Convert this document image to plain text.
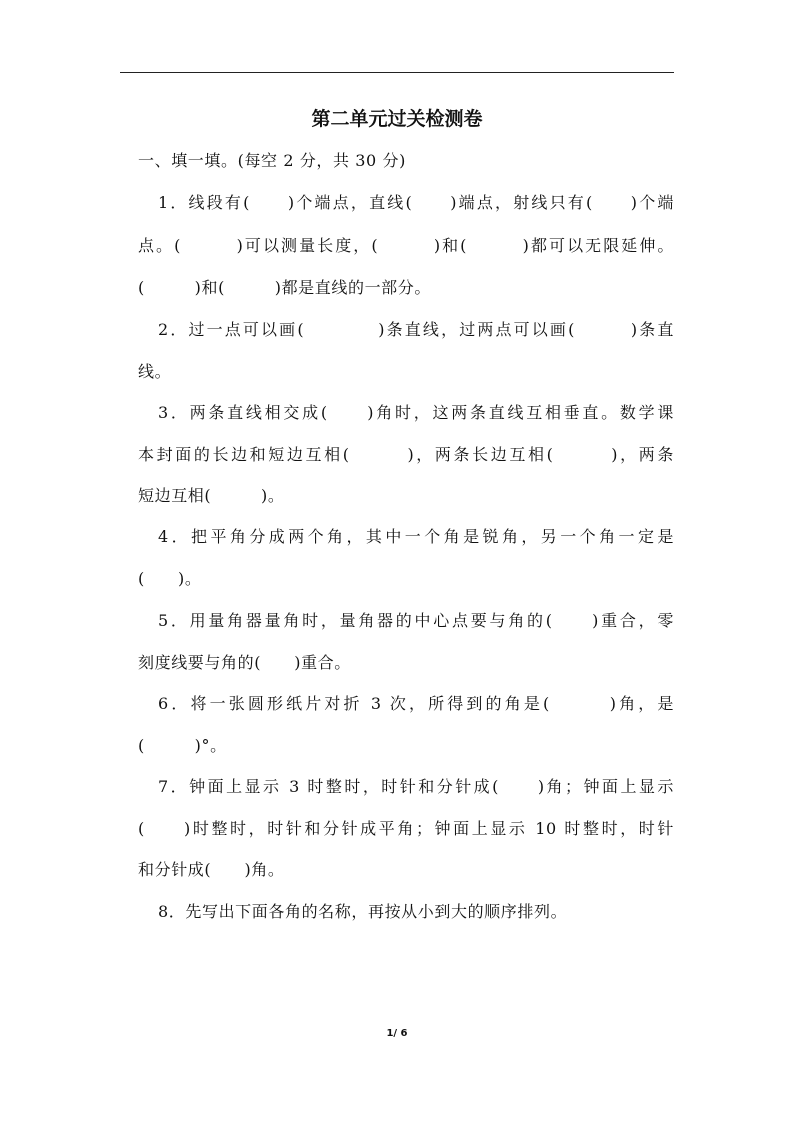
第二单元过关检测卷
一、填一填。(每空 2 分，共 30 分)
1．线段有(　　)个端点，直线(　　)端点，射线只有(　　)个端
点。(　　　)可以测量长度，(　　　)和(　　　)都可以无限延伸。
(　　　)和(　　　)都是直线的一部分。
2．过一点可以画(　　　　)条直线，过两点可以画(　　　)条直
线。
3．两条直线相交成(　　)角时，这两条直线互相垂直。数学课
本封面的长边和短边互相(　　　)，两条长边互相(　　　)，两条
短边互相(　　　)。
4．把平角分成两个角，其中一个角是锐角，另一个角一定是
(　　)。
5．用量角器量角时，量角器的中心点要与角的(　　)重合，零
刻度线要与角的(　　)重合。
6．将一张圆形纸片对折 3 次，所得到的角是(　　　)角，是
(　　　)°。
7．钟面上显示 3 时整时，时针和分针成(　　)角；钟面上显示
(　　)时整时，时针和分针成平角；钟面上显示 10 时整时，时针
和分针成(　　)角。
8．先写出下面各角的名称，再按从小到大的顺序排列。
1/ 6
